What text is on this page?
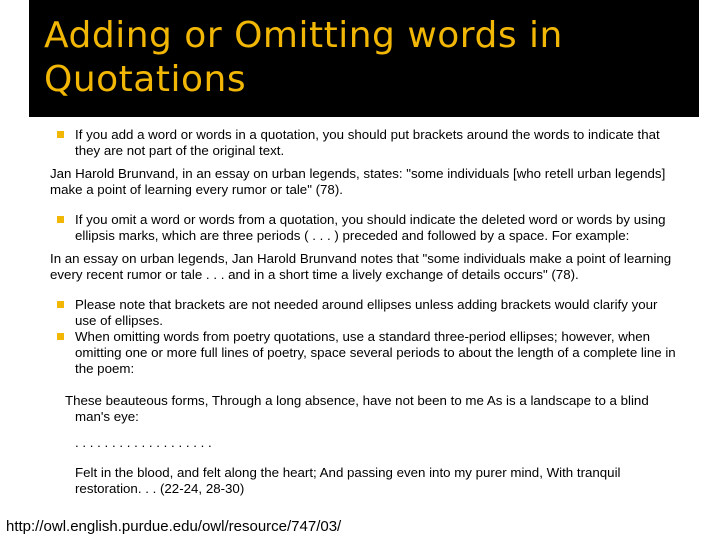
Adding or Omitting words in
Quotations
If you add a word or words in a quotation, you should put brackets around the words to indicate that they are not part of the original text.
Jan Harold Brunvand, in an essay on urban legends, states: "some individuals [who retell urban legends] make a point of learning every rumor or tale" (78).
If you omit a word or words from a quotation, you should indicate the deleted word or words by using ellipsis marks, which are three periods ( . . . ) preceded and followed by a space. For example:
In an essay on urban legends, Jan Harold Brunvand notes that "some individuals make a point of learning every recent rumor or tale . . . and in a short time a lively exchange of details occurs" (78).
Please note that brackets are not needed around ellipses unless adding brackets would clarify your use of ellipses.
When omitting words from poetry quotations, use a standard three-period ellipses; however, when omitting one or more full lines of poetry, space several periods to about the length of a complete line in the poem:
These beauteous forms, Through a long absence, have not been to me As is a landscape to a blind man's eye:
. . . . . . . . . . . . . . . . . . .
Felt in the blood, and felt along the heart; And passing even into my purer mind, With tranquil restoration. . . (22-24, 28-30)
http://owl.english.purdue.edu/owl/resource/747/03/
